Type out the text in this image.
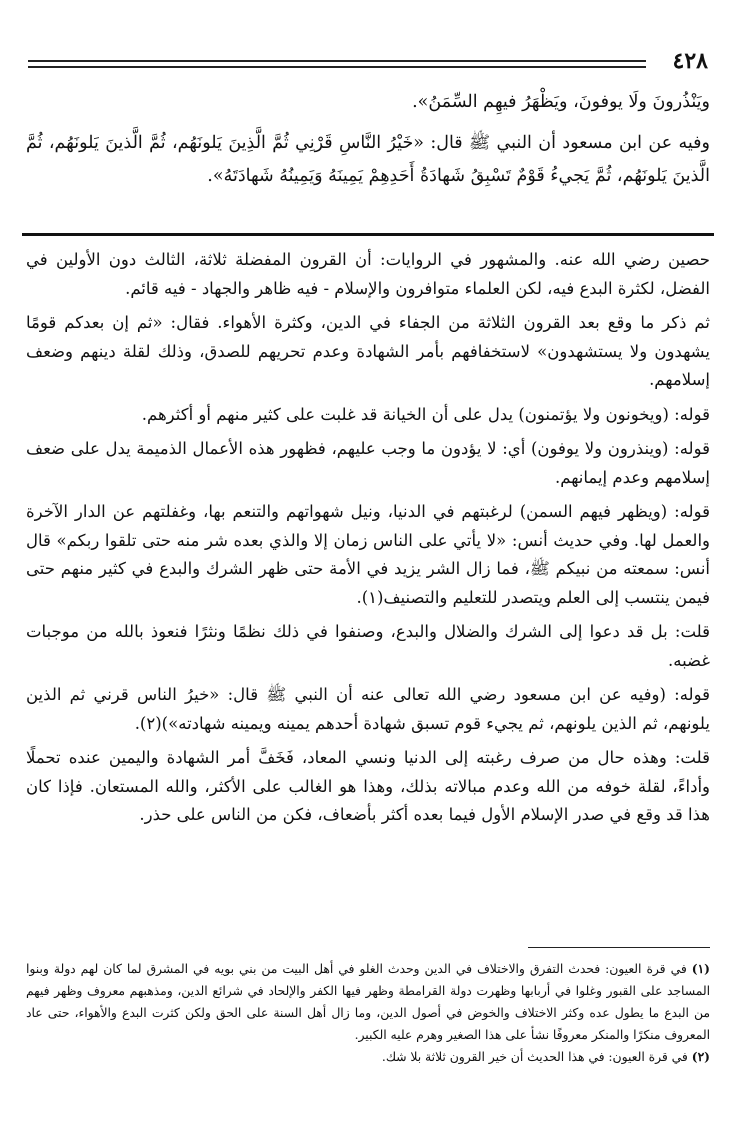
٤٢٨

ويَنْذُرونَ ولَا يوفونَ، ويَظْهَرُ فيهِم السِّمَنُ».

وفيه عن ابن مسعود أن النبي ﷺ قال: «خَيْرُ النَّاسِ قَرْنِي ثُمَّ الَّذِينَ يَلونَهُم، ثُمَّ الَّذينَ يَلونَهُم، ثُمَّ الَّذينَ يَلونَهُم، ثُمَّ يَجيءُ قَوْمٌ تَسْبِقُ شَهادَةُ أَحَدِهِمْ يَمِينَهُ وَيَمِينُهُ شَهادَتَهُ».

حصين رضي الله عنه. والمشهور في الروايات: أن القرون المفضلة ثلاثة، الثالث دون الأولين في الفضل، لكثرة البدع فيه، لكن العلماء متوافرون والإسلام - فيه ظاهر والجهاد - فيه قائم.

ثم ذكر ما وقع بعد القرون الثلاثة من الجفاء في الدين، وكثرة الأهواء. فقال: «ثم إن بعدكم قومًا يشهدون ولا يستشهدون» لاستخفافهم بأمر الشهادة وعدم تحريهم للصدق، وذلك لقلة دينهم وضعف إسلامهم.

قوله: (ويخونون ولا يؤتمنون) يدل على أن الخيانة قد غلبت على كثير منهم أو أكثرهم.

قوله: (وينذرون ولا يوفون) أي: لا يؤدون ما وجب عليهم، فظهور هذه الأعمال الذميمة يدل على ضعف إسلامهم وعدم إيمانهم.

قوله: (ويظهر فيهم السمن) لرغبتهم في الدنيا، ونيل شهواتهم والتنعم بها، وغفلتهم عن الدار الآخرة والعمل لها. وفي حديث أنس: «لا يأتي على الناس زمان إلا والذي بعده شر منه حتى تلقوا ربكم» قال أنس: سمعته من نبيكم ﷺ، فما زال الشر يزيد في الأمة حتى ظهر الشرك والبدع في كثير منهم حتى فيمن ينتسب إلى العلم ويتصدر للتعليم والتصنيف(١).

قلت: بل قد دعوا إلى الشرك والضلال والبدع، وصنفوا في ذلك نظمًا ونثرًا فنعوذ بالله من موجبات غضبه.

قوله: (وفيه عن ابن مسعود رضي الله تعالى عنه أن النبي ﷺ قال: «خيرُ الناس قرني ثم الذين يلونهم، ثم الذين يلونهم، ثم يجيء قوم تسبق شهادة أحدهم يمينه ويمينه شهادته»)(٢).

قلت: وهذه حال من صرف رغبته إلى الدنيا ونسي المعاد، فَخَفَّ أمر الشهادة واليمين عنده تحملًا وأداءً، لقلة خوفه من الله وعدم مبالاته بذلك، وهذا هو الغالب على الأكثر، والله المستعان. فإذا كان هذا قد وقع في صدر الإسلام الأول فيما بعده أكثر بأضعاف، فكن من الناس على حذر.

(١) في قرة العيون: فحدث التفرق والاختلاف في الدين وحدث الغلو في أهل البيت من بني بويه في المشرق لما كان لهم دولة وبنوا المساجد على القبور وغلوا في أربابها وظهرت دولة القرامطة وظهر فيها الكفر والإلحاد في شرائع الدين، ومذهبهم معروف وظهر فيهم من البدع ما يطول عده وكثر الاختلاف والخوض في أصول الدين، وما زال أهل السنة على الحق ولكن كثرت البدع والأهواء، حتى عاد المعروف منكرًا والمنكر معروفًا نشأ على هذا الصغير وهرم عليه الكبير.

(٢) في قرة العيون: في هذا الحديث أن خير القرون ثلاثة بلا شك.
